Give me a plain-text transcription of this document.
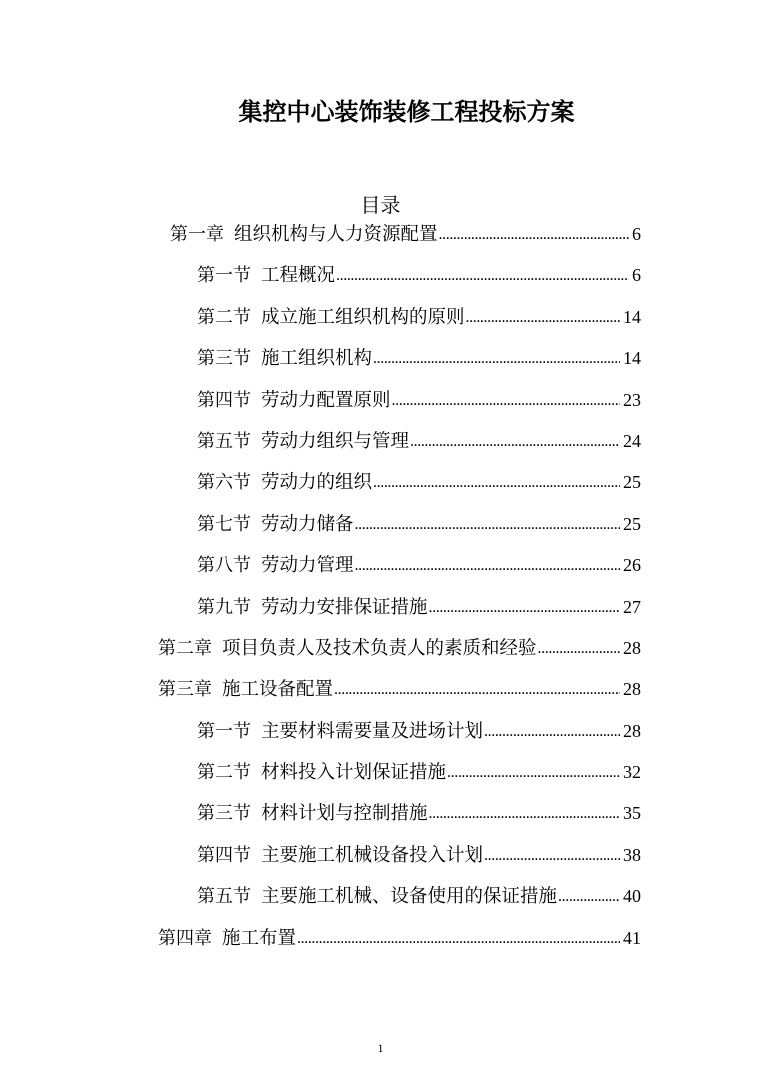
集控中心装饰装修工程投标方案
目录
第一章 组织机构与人力资源配置 .....	6
第一节 工程概况 .....	6
第二节 成立施工组织机构的原则 .....	14
第三节 施工组织机构 .....	14
第四节 劳动力配置原则 .....	23
第五节 劳动力组织与管理 .....	24
第六节 劳动力的组织 .....	25
第七节 劳动力储备 .....	25
第八节 劳动力管理 .....	26
第九节 劳动力安排保证措施 .....	27
第二章 项目负责人及技术负责人的素质和经验 .....	28
第三章 施工设备配置 .....	28
第一节 主要材料需要量及进场计划 .....	28
第二节 材料投入计划保证措施 .....	32
第三节 材料计划与控制措施 .....	35
第四节 主要施工机械设备投入计划 .....	38
第五节 主要施工机械、设备使用的保证措施 .....	40
第四章 施工布置 .....	41
1
